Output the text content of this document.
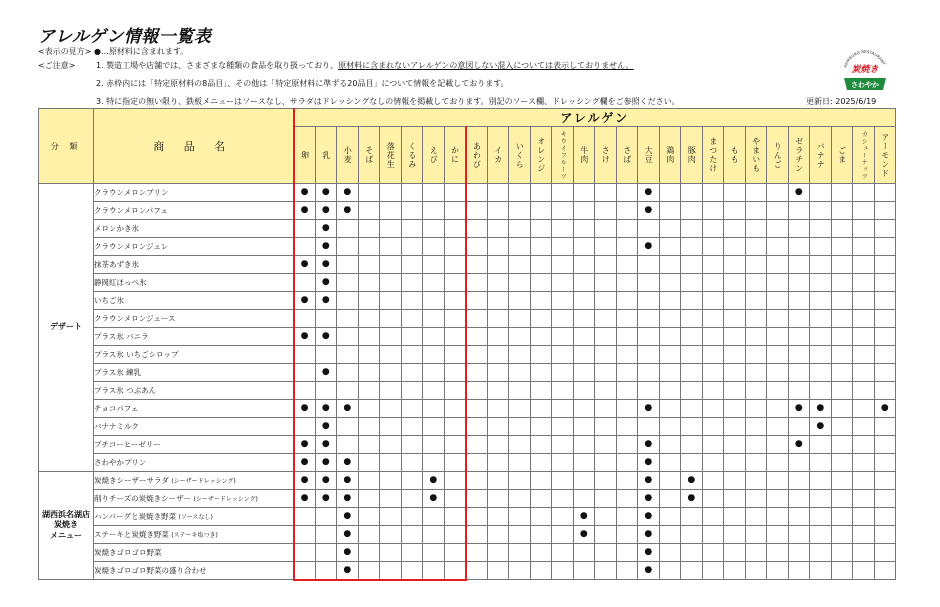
アレルゲン情報一覧表
<表示の見方> ●…原材料に含まれます。
<ご注意>	1. 製造工場や店舗では、さまざまな種類の食品を取り扱っており、原材料に含まれないアレルゲンの意図しない混入については表示しておりません。
2. 赤枠内には「特定原材料の8品目」、その他は「特定原材料に準ずる20品目」について情報を記載しております。
3. 特に指定の無い限り、鉄板メニューはソースなし、サラダはドレッシングなしの情報を掲載しております。別記のソース欄、ドレッシング欄をご参照ください。
HAMBURG RESTAURANT
炭焼き
さわやか
更新日: 2025/6/19
分 類	商 品 名	アレルゲン																											

		卵	乳	小麦	そば	落花生	くるみ	えび	かに	あわび	イカ	いくら	オレンジ	キウイフルーツ	牛肉	さけ	さば	大豆	鶏肉	豚肉	まつたけ	もも	やまいも	りんご	ゼラチン	バナナ	ごま	カシューナッツ	アーモンド

デザート	クラウンメロンプリン	●	●	●														●							●				
	クラウンメロンパフェ	●	●	●														●											
	メロンかき氷		●																										
	クラウンメロンジュレ		●															●											
	抹茶あずき氷	●	●																										
	静岡紅ほっぺ氷		●																										
	いちご氷	●	●																										
	クラウンメロンジュース																												
	プラス氷 バニラ	●	●																										
	プラス氷 いちごシロップ																												
	プラス氷 練乳		●																										
	プラス氷 つぶあん																												
	チョコパフェ	●	●	●														●							●	●			●
	バナナミルク		●																							●			
	プチコーヒーゼリー	●	●															●							●				
	さわやかプリン	●	●	●														●											
湖西浜名湖店
炭焼き
メニュー	炭焼きシーザーサラダ (シーザードレッシング)	●	●	●				●										●		●									
	削りチーズの炭焼きシーザー (シーザードレッシング)	●	●	●				●										●		●									
	ハンバーグと炭焼き野菜 (ソースなし)			●											●			●											
	ステーキと炭焼き野菜 (ステーキ塩つき)			●											●			●											
	炭焼きゴロゴロ野菜			●														●											
	炭焼きゴロゴロ野菜の盛り合わせ			●														●											
